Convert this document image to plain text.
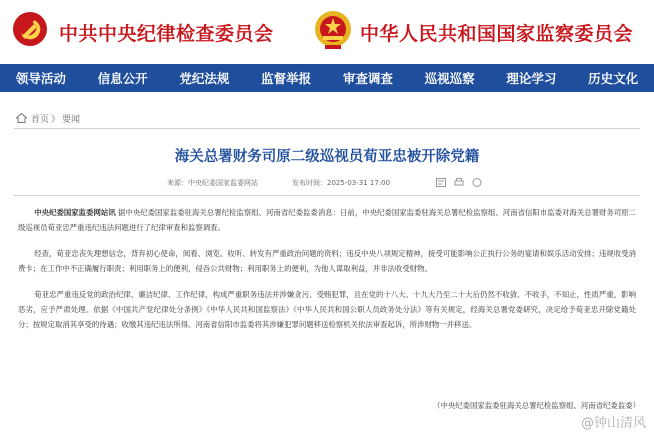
中共中央纪律检查委员会	中华人民共和国国家监察委员会
领导活动	信息公开	党纪法规	监督举报	审查调查	巡视巡察	理论学习	历史文化
首页 》 要闻
海关总署财务司原二级巡视员荀亚忠被开除党籍
来源：中央纪委国家监委网站	发布时间：2025-03-31 17:00

中央纪委国家监委网站讯 据中央纪委国家监委驻海关总署纪检监察组、河南省纪委监委消息：日前，中央纪委国家监委驻海关总署纪检监察组、河南省信阳市监委对海关总署财务司原二级巡视员荀亚忠严重违纪违法问题进行了纪律审查和监察调查。

经查，荀亚忠丧失理想信念，背弃初心使命，阅看、浏览、收听、转发有严重政治问题的资料；违反中央八项规定精神，接受可能影响公正执行公务的宴请和娱乐活动安排；违规收受消费卡；在工作中不正确履行职责；利用职务上的便利，侵吞公共财物；利用职务上的便利，为他人谋取利益，并非法收受财物。

荀亚忠严重违反党的政治纪律、廉洁纪律、工作纪律，构成严重职务违法并涉嫌贪污、受贿犯罪，且在党的十八大、十九大乃至二十大后仍然不收敛、不收手，不知止，性质严重，影响恶劣，应予严肃处理。依据《中国共产党纪律处分条例》《中华人民共和国监察法》《中华人民共和国公职人员政务处分法》等有关规定，经海关总署党委研究，决定给予荀亚忠开除党籍处分；按规定取消其享受的待遇；收缴其违纪违法所得。河南省信阳市监委将其涉嫌犯罪问题移送检察机关依法审查起诉，所涉财物一并移送。

（中央纪委国家监委驻海关总署纪检监察组、河南省纪委监委）
@钟山清风
